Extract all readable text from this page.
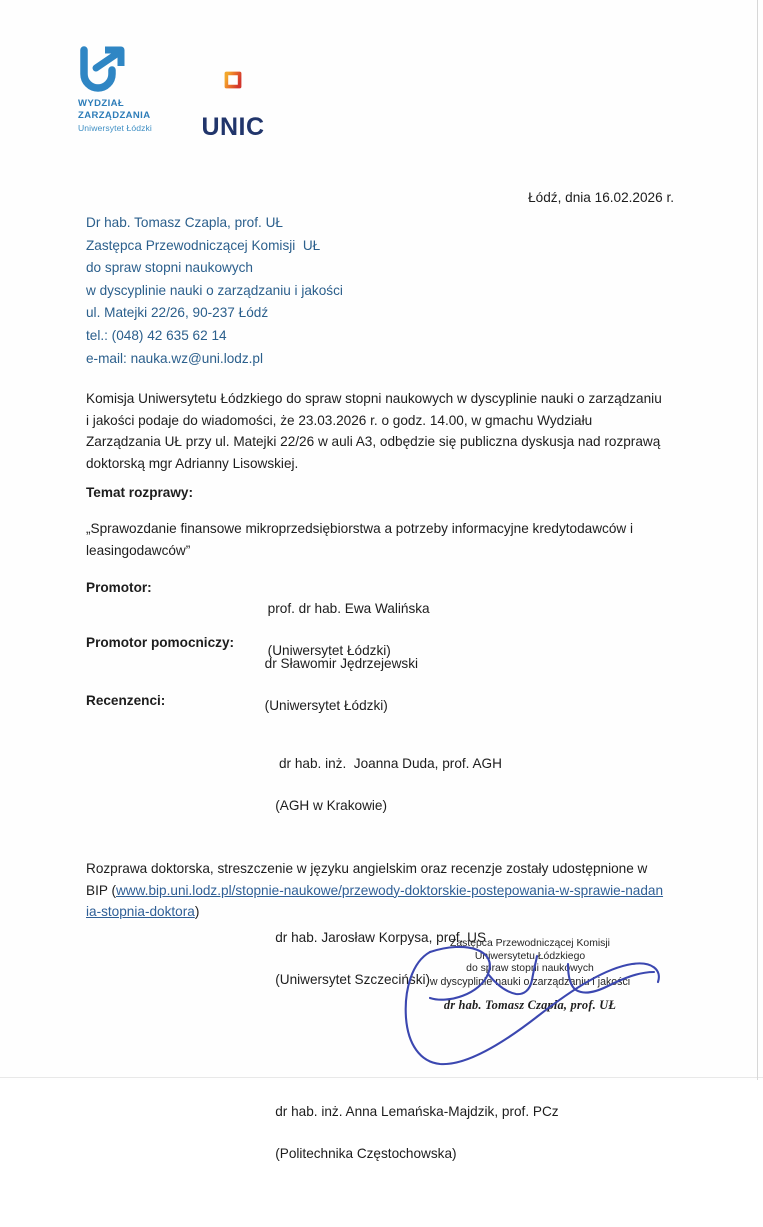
WYDZIAŁ
ZARZĄDZANIA
Uniwersytet Łódzki	UNIC
Łódź, dnia 16.02.2026 r.
Dr hab. Tomasz Czapla, prof. UŁ
Zastępca Przewodniczącej Komisji  UŁ
do spraw stopni naukowych
w dyscyplinie nauki o zarządzaniu i jakości
ul. Matejki 22/26, 90-237 Łódź
tel.: (048) 42 635 62 14
e-mail: nauka.wz@uni.lodz.pl
Komisja Uniwersytetu Łódzkiego do spraw stopni naukowych w dyscyplinie nauki o zarządzaniu i jakości podaje do wiadomości, że 23.03.2026 r. o godz. 14.00, w gmachu Wydziału Zarządzania UŁ przy ul. Matejki 22/26 w auli A3, odbędzie się publiczna dyskusja nad rozprawą doktorską mgr Adrianny Lisowskiej.
Temat rozprawy:
„Sprawozdanie finansowe mikroprzedsiębiorstwa a potrzeby informacyjne kredytodawców i leasingodawców”
Promotor:

prof. dr hab. Ewa Walińska

(Uniwersytet Łódzki)

Promotor pomocniczy:

dr Sławomir Jędrzejewski

(Uniwersytet Łódzki)

Recenzenci:

dr hab. inż.  Joanna Duda, prof. AGH

(AGH w Krakowie)

dr hab. Jarosław Korpysa, prof. US

(Uniwersytet Szczeciński)

dr hab. inż. Anna Lemańska-Majdzik, prof. PCz

(Politechnika Częstochowska)

Rozprawa doktorska, streszczenie w języku angielskim oraz recenzje zostały udostępnione w BIP (www.bip.uni.lodz.pl/stopnie-naukowe/przewody-doktorskie-postepowania-w-sprawie-nadania-stopnia-doktora)
Zastępca Przewodniczącej Komisji
Uniwersytetu Łódzkiego
do spraw stopni naukowych
w dyscyplinie nauki o zarządzaniu i jakości
dr hab. Tomasz Czapla, prof. UŁ
